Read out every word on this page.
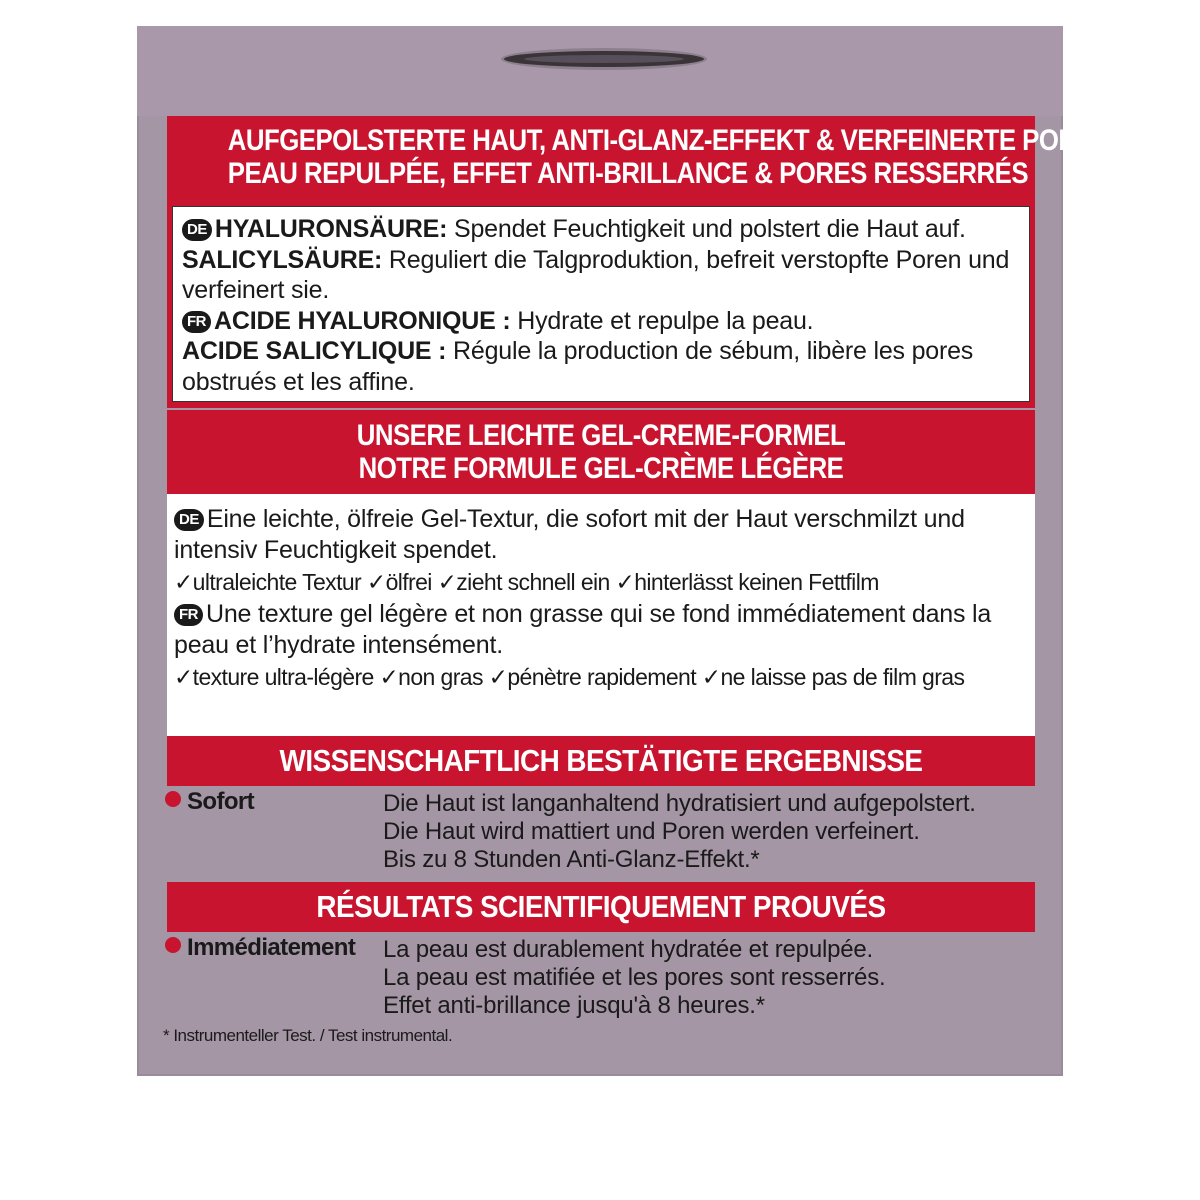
AUFGEPOLSTERTE HAUT, ANTI-GLANZ-EFFEKT & VERFEINERTE POREN
PEAU REPULPÉE, EFFET ANTI-BRILLANCE & PORES RESSERRÉS
DE HYALURONSÄURE: Spendet Feuchtigkeit und polstert die Haut auf. SALICYLSÄURE: Reguliert die Talgproduktion, befreit verstopfte Poren und verfeinert sie.
FR ACIDE HYALURONIQUE : Hydrate et repulpe la peau.
ACIDE SALICYLIQUE : Régule la production de sébum, libère les pores obstrués et les affine.
UNSERE LEICHTE GEL-CREME-FORMEL
NOTRE FORMULE GEL-CRÈME LÉGÈRE
DE Eine leichte, ölfreie Gel-Textur, die sofort mit der Haut verschmilzt und intensiv Feuchtigkeit spendet.
✓ultraleichte Textur ✓ölfrei ✓zieht schnell ein ✓hinterlässt keinen Fettfilm
FR Une texture gel légère et non grasse qui se fond immédiatement dans la peau et l’hydrate intensément.
✓texture ultra-légère ✓non gras ✓pénètre rapidement ✓ne laisse pas de film gras
WISSENSCHAFTLICH BESTÄTIGTE ERGEBNISSE
Sofort	Die Haut ist langanhaltend hydratisiert und aufgepolstert.
Die Haut wird mattiert und Poren werden verfeinert.
Bis zu 8 Stunden Anti-Glanz-Effekt.*
RÉSULTATS SCIENTIFIQUEMENT PROUVÉS
Immédiatement La peau est durablement hydratée et repulpée.
La peau est matifiée et les pores sont resserrés.
Effet anti-brillance jusqu'à 8 heures.*
* Instrumenteller Test. / Test instrumental.
